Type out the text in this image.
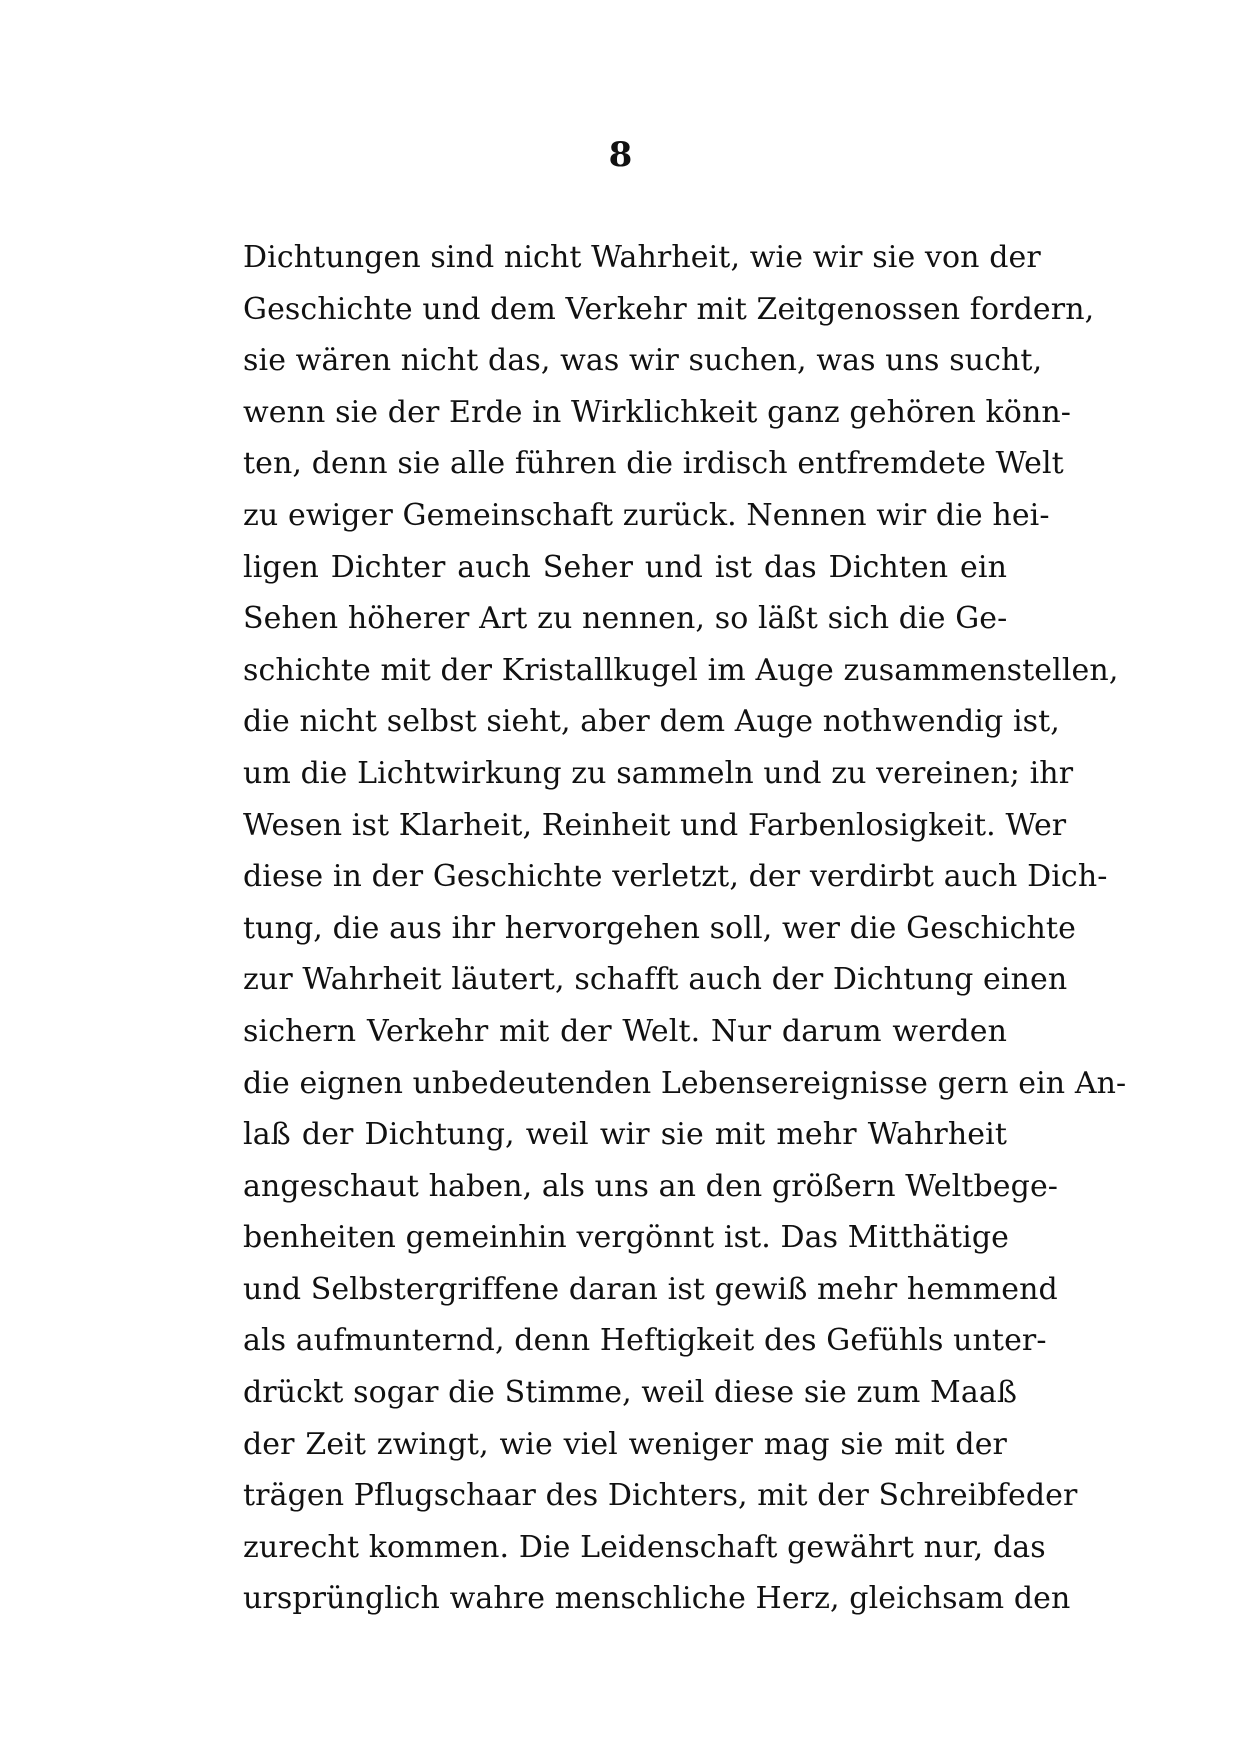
8
Dichtungen sind nicht Wahrheit, wie wir sie von der
Geschichte und dem Verkehr mit Zeitgenossen fordern,
sie wären nicht das, was wir suchen, was uns sucht,
wenn sie der Erde in Wirklichkeit ganz gehören könn-
ten, denn sie alle führen die irdisch entfremdete Welt
zu ewiger Gemeinschaft zurück. Nennen wir die hei-
ligen Dichter auch Seher und ist das Dichten ein
Sehen höherer Art zu nennen, so läßt sich die Ge-
schichte mit der Kristallkugel im Auge zusammenstellen,
die nicht selbst sieht, aber dem Auge nothwendig ist,
um die Lichtwirkung zu sammeln und zu vereinen; ihr
Wesen ist Klarheit, Reinheit und Farbenlosigkeit. Wer
diese in der Geschichte verletzt, der verdirbt auch Dich-
tung, die aus ihr hervorgehen soll, wer die Geschichte
zur Wahrheit läutert, schafft auch der Dichtung einen
sichern Verkehr mit der Welt. Nur darum werden
die eignen unbedeutenden Lebensereignisse gern ein An-
laß der Dichtung, weil wir sie mit mehr Wahrheit
angeschaut haben, als uns an den größern Weltbege-
benheiten gemeinhin vergönnt ist. Das Mitthätige
und Selbstergriffene daran ist gewiß mehr hemmend
als aufmunternd, denn Heftigkeit des Gefühls unter-
drückt sogar die Stimme, weil diese sie zum Maaß
der Zeit zwingt, wie viel weniger mag sie mit der
trägen Pflugschaar des Dichters, mit der Schreibfeder
zurecht kommen. Die Leidenschaft gewährt nur, das
ursprünglich wahre menschliche Herz, gleichsam den
